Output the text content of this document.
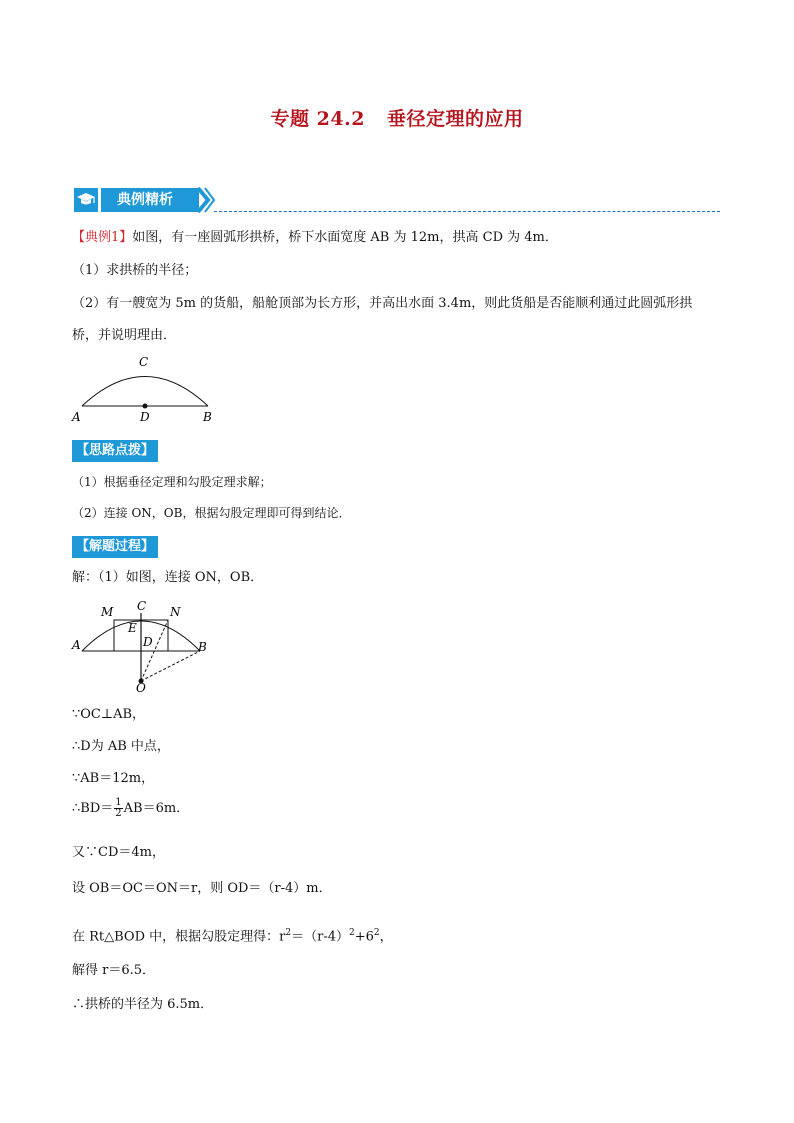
专题 24.2 垂径定理的应用
典例精析
【典例1】如图，有一座圆弧形拱桥，桥下水面宽度 AB 为 12m，拱高 CD 为 4m．
（1）求拱桥的半径；
（2）有一艘宽为 5m 的货船，船舱顶部为长方形，并高出水面 3.4m，则此货船是否能顺利通过此圆弧形拱
桥，并说明理由．
C
A	D	B
【思路点拨】
（1）根据垂径定理和勾股定理求解；
（2）连接 ON，OB，根据勾股定理即可得到结论．
【解题过程】
解：（1）如图，连接 ON，OB．
M C N
E
D
A	B
O
∵OC⊥AB，
∴D为 AB 中点，
∵AB＝12m，
∴BD＝ $\frac{1}{2} AB=6m$．
又∵CD＝4m，
设 OB＝OC＝ON＝r，则 OD＝（r-4）m．
在 Rt△BOD 中，根据勾股定理得：$r^2=(r-4)^2+6^2$，
解得 r＝6.5．
∴拱桥的半径为 6.5m．
